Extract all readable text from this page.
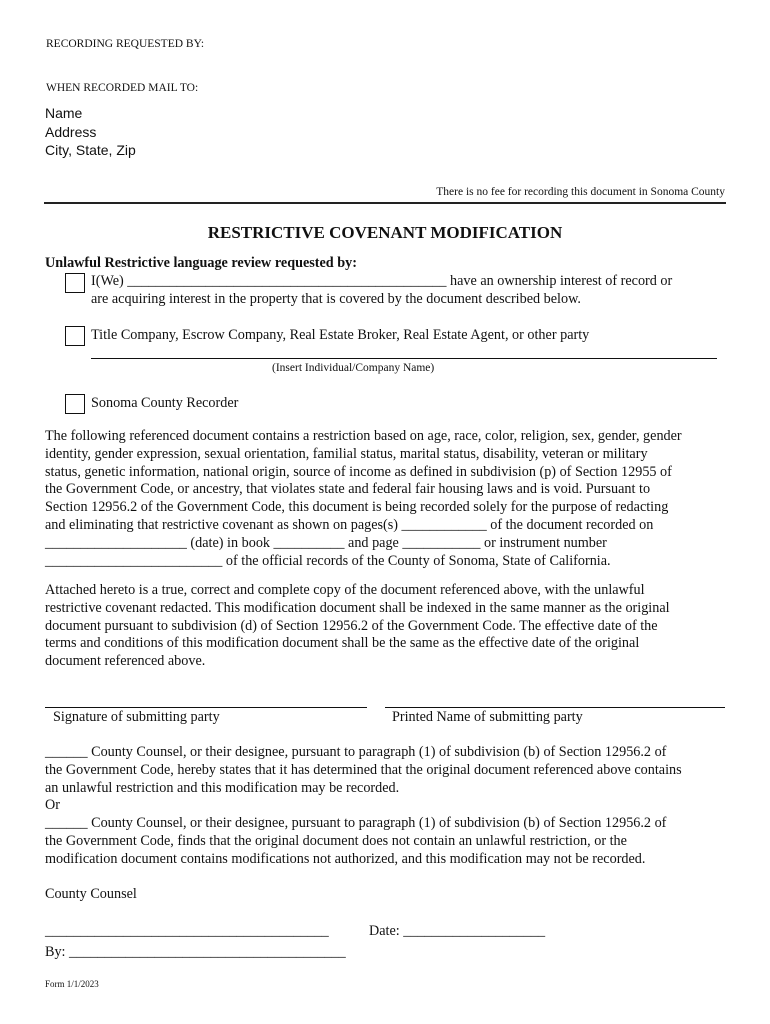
RECORDING REQUESTED BY:
WHEN RECORDED MAIL TO:
Name
Address
City, State, Zip
There is no fee for recording this document in Sonoma County
RESTRICTIVE COVENANT MODIFICATION
Unlawful Restrictive language review requested by:
I(We) _____________________________________________ have an ownership interest of record or
are acquiring interest in the property that is covered by the document described below.
Title Company, Escrow Company, Real Estate Broker, Real Estate Agent, or other party
(Insert Individual/Company Name)
Sonoma County Recorder
The following referenced document contains a restriction based on age, race, color, religion, sex, gender, gender
identity, gender expression, sexual orientation, familial status, marital status, disability, veteran or military
status, genetic information, national origin, source of income as defined in subdivision (p) of Section 12955 of
the Government Code, or ancestry, that violates state and federal fair housing laws and is void. Pursuant to
Section 12956.2 of the Government Code, this document is being recorded solely for the purpose of redacting
and eliminating that restrictive covenant as shown on pages(s) ____________ of the document recorded on
____________________ (date) in book __________ and page ___________ or instrument number
_________________________ of the official records of the County of Sonoma, State of California.
Attached hereto is a true, correct and complete copy of the document referenced above, with the unlawful
restrictive covenant redacted. This modification document shall be indexed in the same manner as the original
document pursuant to subdivision (d) of Section 12956.2 of the Government Code. The effective date of the
terms and conditions of this modification document shall be the same as the effective date of the original
document referenced above.
Signature of submitting party	Printed Name of submitting party
______ County Counsel, or their designee, pursuant to paragraph (1) of subdivision (b) of Section 12956.2 of
the Government Code, hereby states that it has determined that the original document referenced above contains
an unlawful restriction and this modification may be recorded.
Or
______ County Counsel, or their designee, pursuant to paragraph (1) of subdivision (b) of Section 12956.2 of
the Government Code, finds that the original document does not contain an unlawful restriction, or the
modification document contains modifications not authorized, and this modification may not be recorded.
County Counsel
________________________________________	Date: ____________________
By: _______________________________________
Form 1/1/2023
